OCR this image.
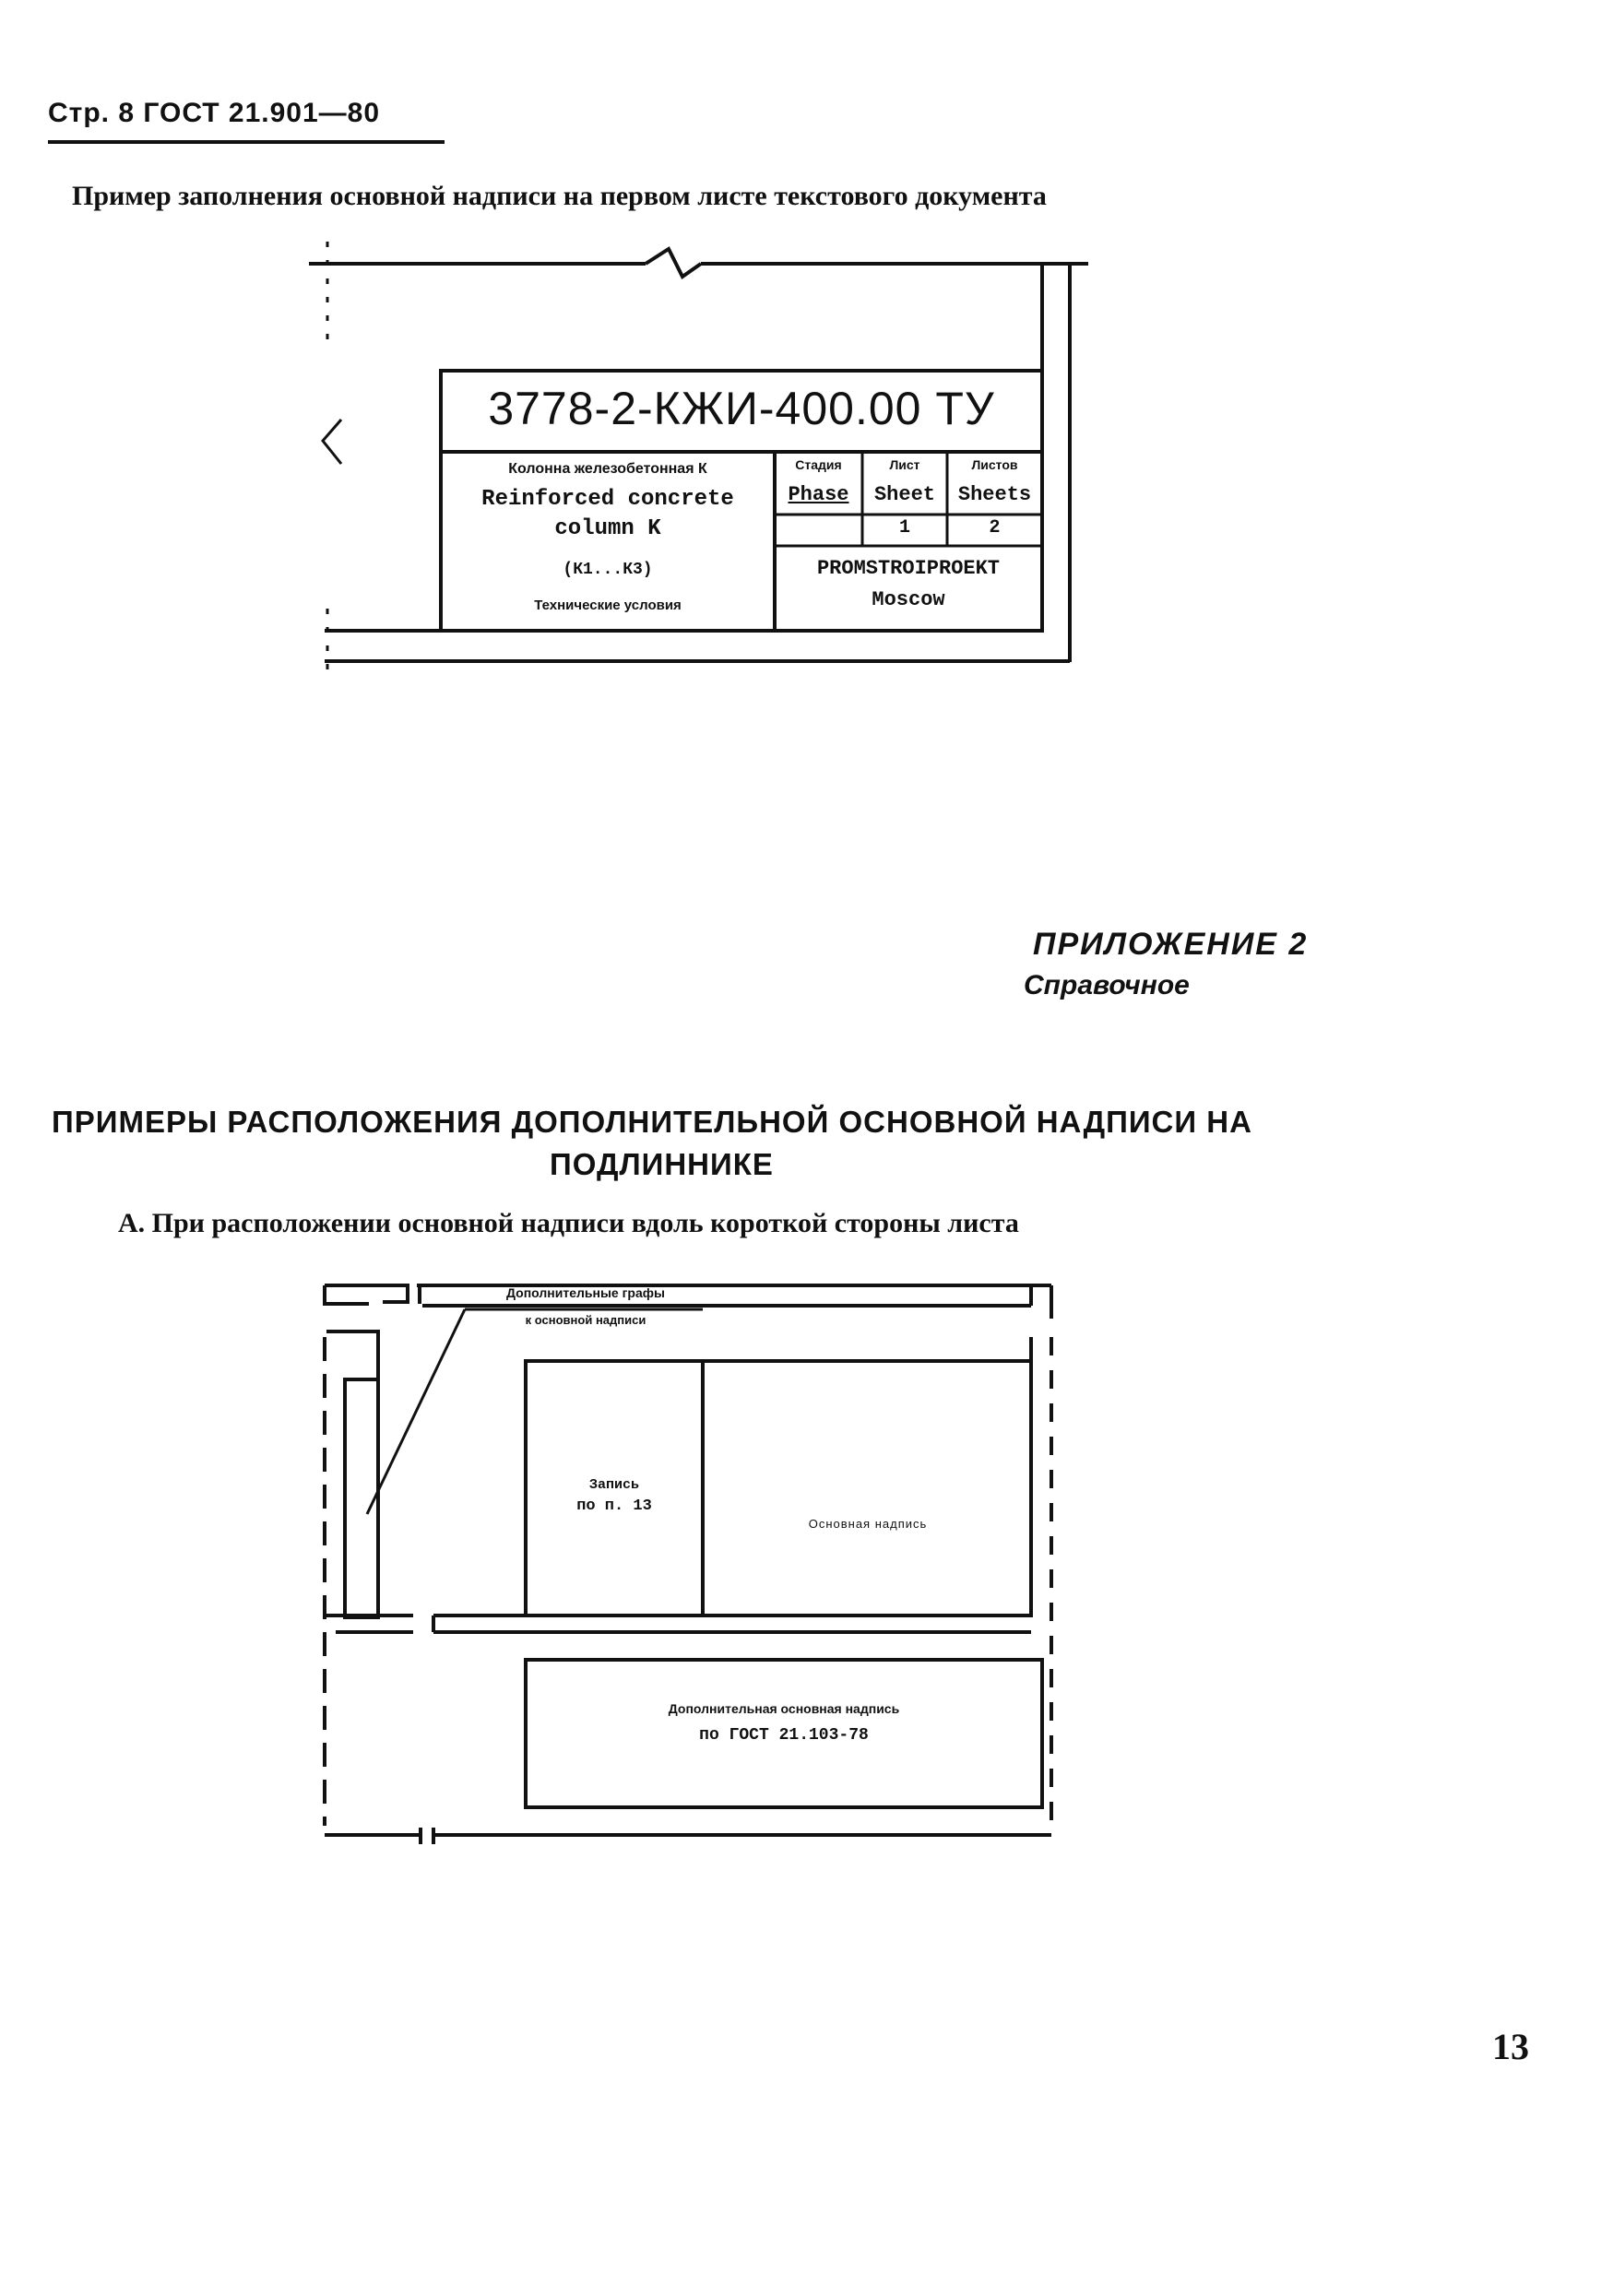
Стр. 8 ГОСТ 21.901—80
Пример заполнения основной надписи на первом листе текстового документа
3778-2-КЖИ-400.00 ТУ
Колонна железобетонная К
Reinforced concrete
column K
(К1...К3)
Технические условия
Стадия
Phase
Лист
Sheet
Листов
Sheets
1	2
PROMSTROIPROEKT
Moscow
ПРИЛОЖЕНИЕ 2
Справочное
ПРИМЕРЫ РАСПОЛОЖЕНИЯ ДОПОЛНИТЕЛЬНОЙ ОСНОВНОЙ НАДПИСИ НА
ПОДЛИННИКЕ
А. При расположении основной надписи вдоль короткой стороны листа
Дополнительные графы
к основной надписи
Запись
по п. 13
Основная надпись
Дополнительная основная надпись
по ГОСТ 21.103-78
13
